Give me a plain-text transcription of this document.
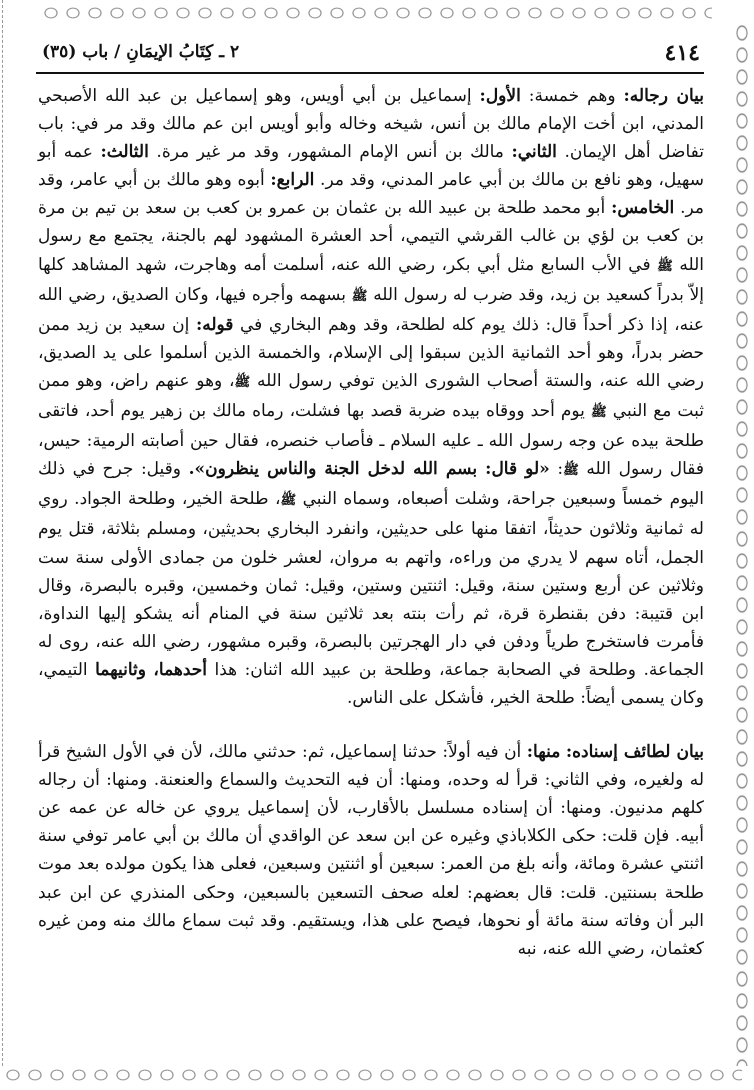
٤١٤
٢ ـ كِتَابُ الإيمَانِ / باب (٣٥)

بيان رجاله: وهم خمسة: الأول: إسماعيل بن أبي أويس، وهو إسماعيل بن عبد الله الأصبحي المدني، ابن أخت الإمام مالك بن أنس، شيخه وخاله وأبو أويس ابن عم مالك وقد مر في: باب تفاضل أهل الإيمان. الثاني: مالك بن أنس الإمام المشهور، وقد مر غير مرة. الثالث: عمه أبو سهيل، وهو نافع بن مالك بن أبي عامر المدني، وقد مر. الرابع: أبوه وهو مالك بن أبي عامر، وقد مر. الخامس: أبو محمد طلحة بن عبيد الله بن عثمان بن عمرو بن كعب بن سعد بن تيم بن مرة بن كعب بن لؤي بن غالب القرشي التيمي، أحد العشرة المشهود لهم بالجنة، يجتمع مع رسول الله ﷺ في الأب السابع مثل أبي بكر، رضي الله عنه، أسلمت أمه وهاجرت، شهد المشاهد كلها إلاّ بدراً كسعيد بن زيد، وقد ضرب له رسول الله ﷺ بسهمه وأجره فيها، وكان الصديق، رضي الله عنه، إذا ذكر أحداً قال: ذلك يوم كله لطلحة، وقد وهم البخاري في قوله: إن سعيد بن زيد ممن حضر بدراً، وهو أحد الثمانية الذين سبقوا إلى الإسلام، والخمسة الذين أسلموا على يد الصديق، رضي الله عنه، والستة أصحاب الشورى الذين توفي رسول الله ﷺ، وهو عنهم راض، وهو ممن ثبت مع النبي ﷺ يوم أحد ووقاه بيده ضربة قصد بها فشلت، رماه مالك بن زهير يوم أحد، فاتقى طلحة بيده عن وجه رسول الله ـ عليه السلام ـ فأصاب خنصره، فقال حين أصابته الرمية: حيس، فقال رسول الله ﷺ: «لو قال: بسم الله لدخل الجنة والناس ينظرون». وقيل: جرح في ذلك اليوم خمساً وسبعين جراحة، وشلت أصبعاه، وسماه النبي ﷺ، طلحة الخير، وطلحة الجواد. روي له ثمانية وثلاثون حديثاً، اتفقا منها على حديثين، وانفرد البخاري بحديثين، ومسلم بثلاثة، قتل يوم الجمل، أتاه سهم لا يدري من وراءه، واتهم به مروان، لعشر خلون من جمادى الأولى سنة ست وثلاثين عن أربع وستين سنة، وقيل: اثنتين وستين، وقيل: ثمان وخمسين، وقبره بالبصرة، وقال ابن قتيبة: دفن بقنطرة قرة، ثم رأت بنته بعد ثلاثين سنة في المنام أنه يشكو إليها النداوة، فأمرت فاستخرج طرياً ودفن في دار الهجرتين بالبصرة، وقبره مشهور، رضي الله عنه، روى له الجماعة. وطلحة في الصحابة جماعة، وطلحة بن عبيد الله اثنان: هذا أحدهما، وثانيهما التيمي، وكان يسمى أيضاً: طلحة الخير، فأشكل على الناس.

بيان لطائف إسناده: منها: أن فيه أولاً: حدثنا إسماعيل، ثم: حدثني مالك، لأن في الأول الشيخ قرأ له ولغيره، وفي الثاني: قرأ له وحده، ومنها: أن فيه التحديث والسماع والعنعنة. ومنها: أن رجاله كلهم مدنيون. ومنها: أن إسناده مسلسل بالأقارب، لأن إسماعيل يروي عن خاله عن عمه عن أبيه. فإن قلت: حكى الكلاباذي وغيره عن ابن سعد عن الواقدي أن مالك بن أبي عامر توفي سنة اثنتي عشرة ومائة، وأنه بلغ من العمر: سبعين أو اثنتين وسبعين، فعلى هذا يكون مولده بعد موت طلحة بسنتين. قلت: قال بعضهم: لعله صحف التسعين بالسبعين، وحكى المنذري عن ابن عبد البر أن وفاته سنة مائة أو نحوها، فيصح على هذا، ويستقيم. وقد ثبت سماع مالك منه ومن غيره كعثمان، رضي الله عنه، نبه
